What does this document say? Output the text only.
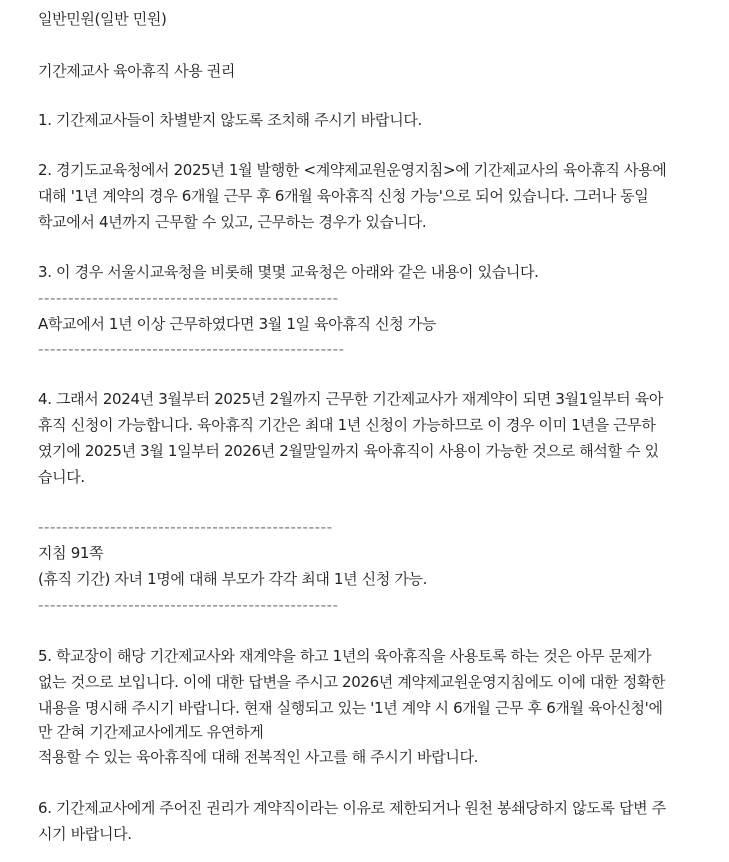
일반민원(일반 민원)
기간제교사 육아휴직 사용 권리
1. 기간제교사들이 차별받지 않도록 조치해 주시기 바랍니다.
2. 경기도교육청에서 2025년 1월 발행한 <계약제교원운영지침>에 기간제교사의 육아휴직 사용에
대해 '1년 계약의 경우 6개월 근무 후 6개월 육아휴직 신청 가능'으로 되어 있습니다. 그러나 동일
학교에서 4년까지 근무할 수 있고, 근무하는 경우가 있습니다.
3. 이 경우 서울시교육청을 비롯해 몇몇 교육청은 아래와 같은 내용이 있습니다.
--------------------------------------------------
A학교에서 1년 이상 근무하였다면 3월 1일 육아휴직 신청 가능
---------------------------------------------------
4. 그래서 2024년 3월부터 2025년 2월까지 근무한 기간제교사가 재계약이 되면 3월1일부터 육아
휴직 신청이 가능합니다. 육아휴직 기간은 최대 1년 신청이 가능하므로 이 경우 이미 1년을 근무하
였기에 2025년 3월 1일부터 2026년 2월말일까지 육아휴직이 사용이 가능한 것으로 해석할 수 있
습니다.
-------------------------------------------------
지침 91쪽
(휴직 기간) 자녀 1명에 대해 부모가 각각 최대 1년 신청 가능.
--------------------------------------------------
5. 학교장이 해당 기간제교사와 재계약을 하고 1년의 육아휴직을 사용토록 하는 것은 아무 문제가
없는 것으로 보입니다. 이에 대한 답변을 주시고 2026년 계약제교원운영지침에도 이에 대한 정확한
내용을 명시해 주시기 바랍니다. 현재 실행되고 있는 '1년 계약 시 6개월 근무 후 6개월 육아신청'에
만 갇혀 기간제교사에게도 유연하게
적용할 수 있는 육아휴직에 대해 전복적인 사고를 해 주시기 바랍니다.
6. 기간제교사에게 주어진 권리가 계약직이라는 이유로 제한되거나 원천 봉쇄당하지 않도록 답변 주
시기 바랍니다.
